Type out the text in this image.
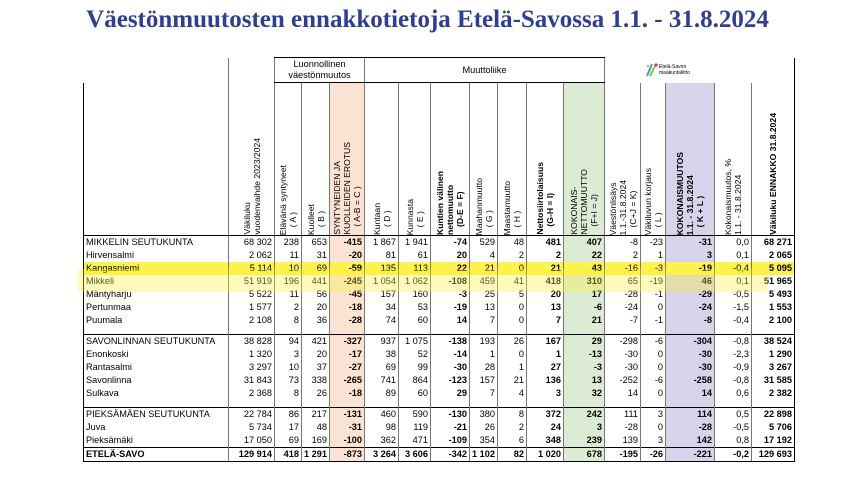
Väestönmuutosten ennakkotietoja Etelä-Savossa 1.1. - 31.8.2024
Etelä-Savon
maakuntaliitto
		Luonnollinen
väestönmuutos			Muuttoliike											

	Väkiluku
vuodenvaihde 2023/2024	Elävänä syntyneet
( A )	Kuolleet
( B )	SYNTYNEIDEN JA
KUOLLEIDEN EROTUS
( A-B = C )	Kuntaan
( D )	Kunnasta
( E )	Kuntien välinen
nettomuutto
(D-E = F)	Maahanmuutto
( G )	Maastamuutto
( H )	Nettosiirtolaisuus
(G-H = I)	KOKONAIS-
NETTOMUUTTO
(F+I = J)	Väestönlisäys
1.1.-31.8.2024
(C+J = K)	Väkiluvun korjaus
( L )	KOKONAISMUUTOS
1.1. - 31.8.2024
( K + L )	Kokonaismuutos, %
1.1. - 31.8.2024	Väkiluku ENNAKKO 31.8.2024

MIKKELIN SEUTUKUNTA	68 302	238	653	-415	1 867	1 941	-74	529	48	481	407	-8	-23	-31	0,0	68 271
Hirvensalmi	2 062	11	31	-20	81	61	20	4	2	2	22	2	1	3	0,1	2 065
Kangasniemi	5 114	10	69	-59	135	113	22	21	0	21	43	-16	-3	-19	-0,4	5 095
Mikkeli	51 919	196	441	-245	1 054	1 062	-108	459	41	418	310	65	-19	46	0,1	51 965
Mäntyharju	5 522	11	56	-45	157	160	-3	25	5	20	17	-28	-1	-29	-0,5	5 493
Pertunmaa	1 577	2	20	-18	34	53	-19	13	0	13	-6	-24	0	-24	-1,5	1 553
Puumala	2 108	8	36	-28	74	60	14	7	0	7	21	-7	-1	-8	-0,4	2 100

SAVONLINNAN SEUTUKUNTA	38 828	94	421	-327	937	1 075	-138	193	26	167	29	-298	-6	-304	-0,8	38 524
Enonkoski	1 320	3	20	-17	38	52	-14	1	0	1	-13	-30	0	-30	-2,3	1 290
Rantasalmi	3 297	10	37	-27	69	99	-30	28	1	27	-3	-30	0	-30	-0,9	3 267
Savonlinna	31 843	73	338	-265	741	864	-123	157	21	136	13	-252	-6	-258	-0,8	31 585
Sulkava	2 368	8	26	-18	89	60	29	7	4	3	32	14	0	14	0,6	2 382

PIEKSÄMÄEN SEUTUKUNTA	22 784	86	217	-131	460	590	-130	380	8	372	242	111	3	114	0,5	22 898
Juva	5 734	17	48	-31	98	119	-21	26	2	24	3	-28	0	-28	-0,5	5 706
Pieksämäki	17 050	69	169	-100	362	471	-109	354	6	348	239	139	3	142	0,8	17 192
ETELÄ-SAVO	129 914	418	1 291	-873	3 264	3 606	-342	1 102	82	1 020	678	-195	-26	-221	-0,2	129 693
